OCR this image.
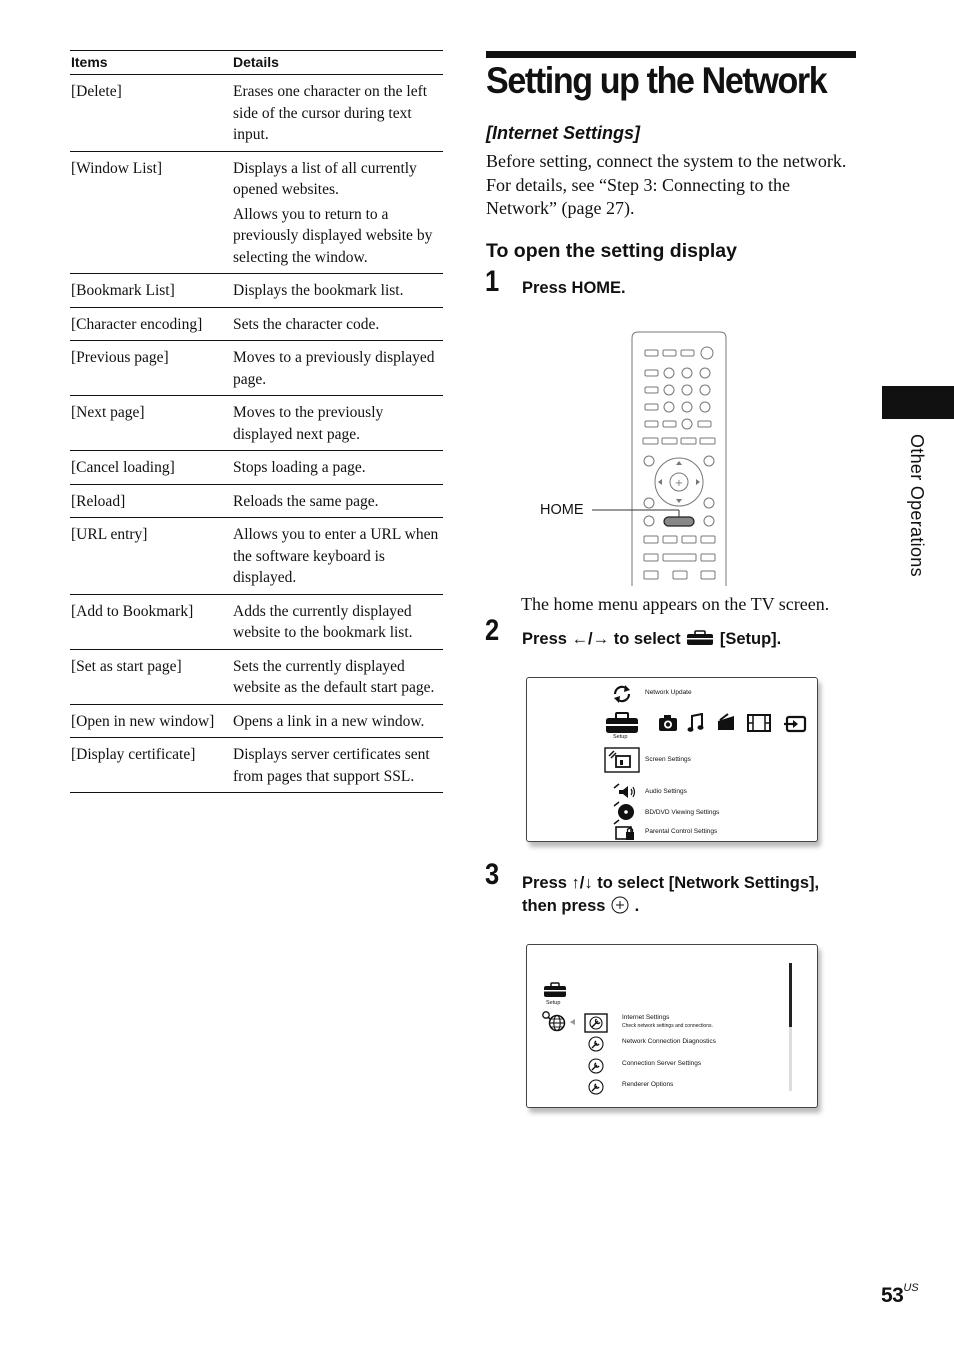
Items	Details
[Delete]	Erases one character on the left side of the cursor during text input.

[Window List]	Displays a list of all currently opened websites.

Allows you to return to a previously displayed website by selecting the window.

[Bookmark List]	Displays the bookmark list.

[Character encoding]	Sets the character code.

[Previous page]	Moves to a previously displayed page.

[Next page]	Moves to the previously displayed next page.

[Cancel loading]	Stops loading a page.

[Reload]	Reloads the same page.

[URL entry]	Allows you to enter a URL when the software keyboard is displayed.

[Add to Bookmark]	Adds the currently displayed website to the bookmark list.

[Set as start page]	Sets the currently displayed website as the default start page.

[Open in new window]	Opens a link in a new window.

[Display certificate]	Displays server certificates sent from pages that support SSL.

Setting up the Network
[Internet Settings]

Before setting, connect the system to the network. For details, see “Step 3: Connecting to the Network” (page 27).

To open the setting display
1 Press HOME.
+
HOME
The home menu appears on the TV screen.
2 Press ←/→ to select [Setup].
Network Update
Setup
Screen Settings
Audio Settings
BD/DVD Viewing Settings
Parental Control Settings
3 Press ↑/↓ to select [Network Settings],
then press .
Setup
Internet Settings
Check network settings and connections.
Network Connection Diagnostics
Connection Server Settings
Renderer Options
Other Operations
$53^{US}$
